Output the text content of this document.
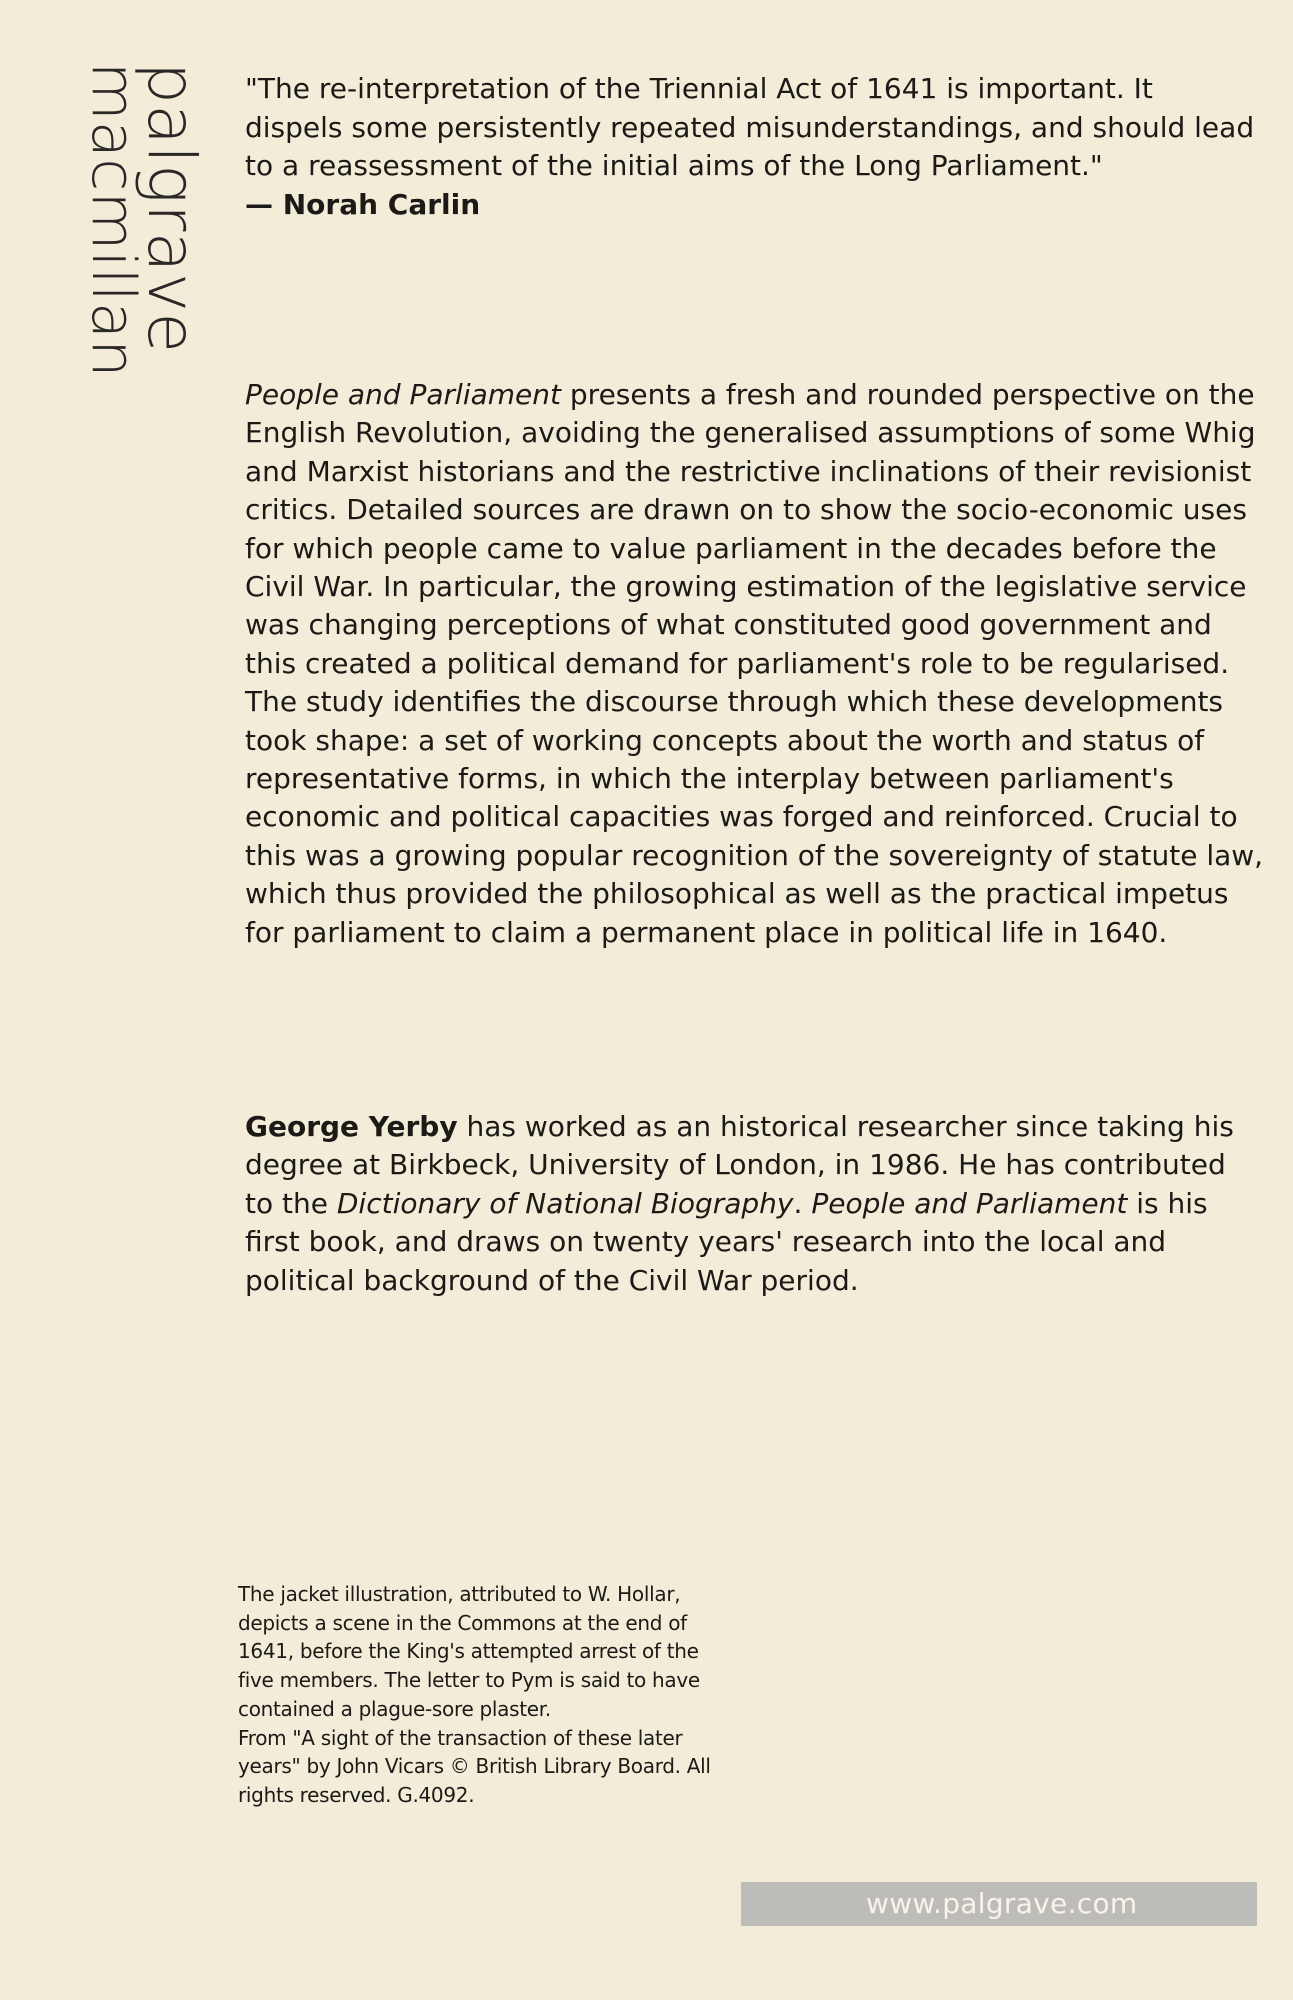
palgrave
macmillan	"The re-interpretation of the Triennial Act of 1641 is important. It dispels some persistently repeated misunderstandings, and should lead to a reassessment of the initial aims of the Long Parliament."

— Norah Carlin

People and Parliament presents a fresh and rounded perspective on the English Revolution, avoiding the generalised assumptions of some Whig and Marxist historians and the restrictive inclinations of their revisionist critics. Detailed sources are drawn on to show the socio-economic uses for which people came to value parliament in the decades before the Civil War. In particular, the growing estimation of the legislative service was changing perceptions of what constituted good government and this created a political demand for parliament's role to be regularised. The study identifies the discourse through which these developments took shape: a set of working concepts about the worth and status of representative forms, in which the interplay between parliament's economic and political capacities was forged and reinforced. Crucial to this was a growing popular recognition of the sovereignty of statute law, which thus provided the philosophical as well as the practical impetus for parliament to claim a permanent place in political life in 1640.

George Yerby has worked as an historical researcher since taking his degree at Birkbeck, University of London, in 1986. He has contributed to the Dictionary of National Biography. People and Parliament is his first book, and draws on twenty years' research into the local and political background of the Civil War period.

The jacket illustration, attributed to W. Hollar, depicts a scene in the Commons at the end of 1641, before the King's attempted arrest of the five members. The letter to Pym is said to have contained a plague-sore plaster.

From "A sight of the transaction of these later years" by John Vicars © British Library Board. All rights reserved. G.4092.

www.palgrave.com
